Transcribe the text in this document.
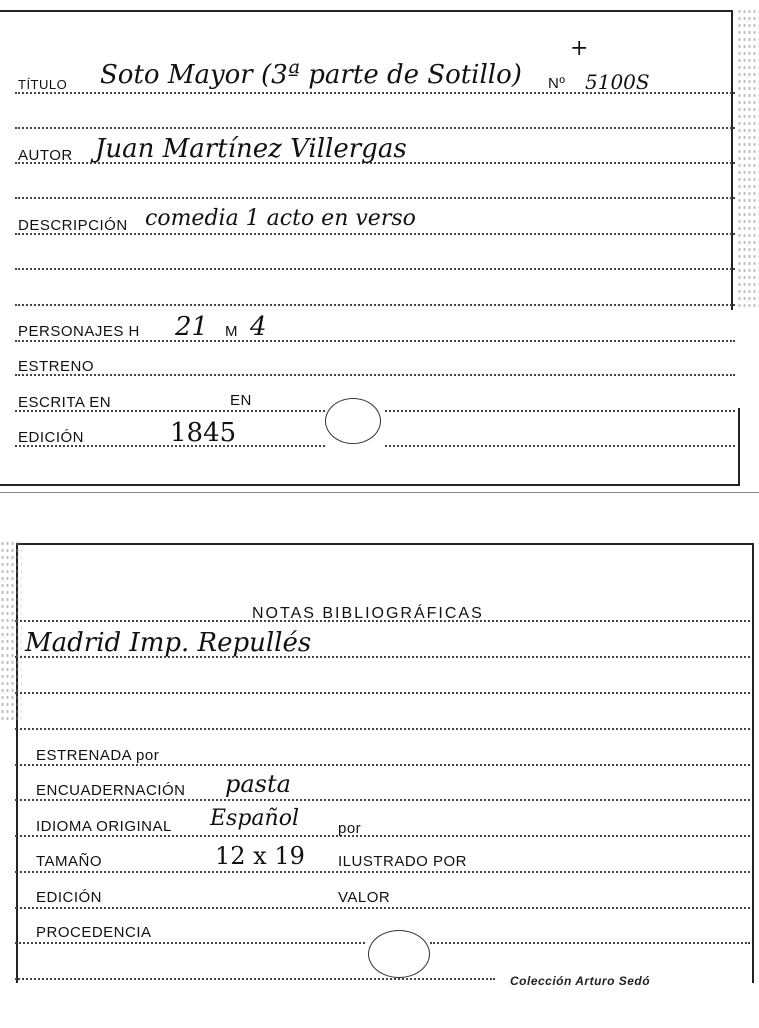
TÍTULO Soto Mayor (3ª parte de Sotillo)
+
Nº 5100S
AUTOR Juan Martínez Villergas
DESCRIPCIÓN comedia 1 acto en verso
PERSONAJES H 21 M 4
ESTRENO
ESCRITA EN	EN
EDICIÓN	1845
NOTAS BIBLIOGRÁFICAS
Madrid Imp. Repullés
ESTRENADA por
ENCUADERNACIÓN pasta
IDIOMA ORIGINAL Español	por
TAMAÑO	12 x 19 ILUSTRADO POR
EDICIÓN	VALOR
PROCEDENCIA
Colección Arturo Sedó
